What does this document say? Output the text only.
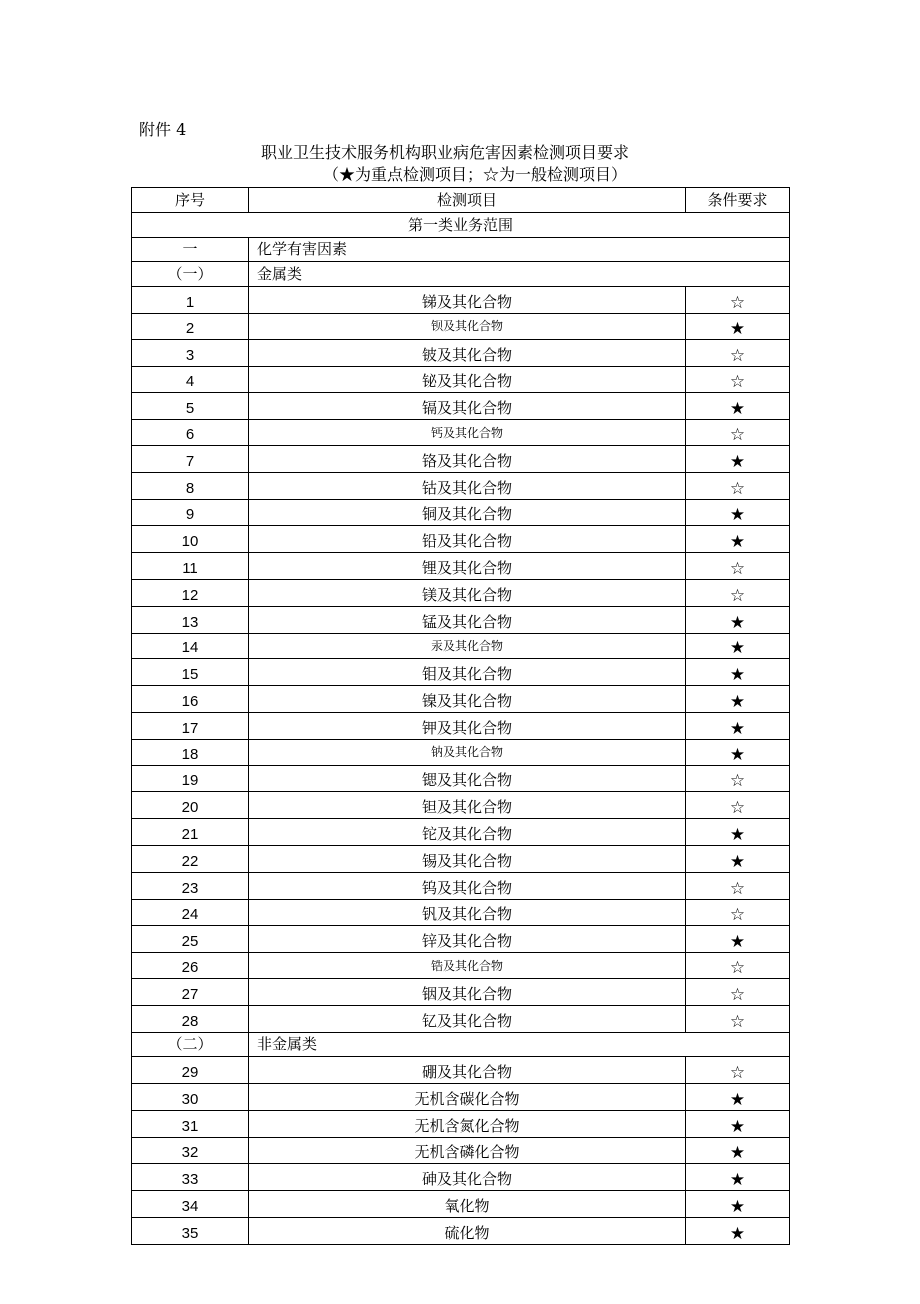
附件 4
职业卫生技术服务机构职业病危害因素检测项目要求
（★为重点检测项目；☆为一般检测项目）
序号	检测项目	条件要求
第一类业务范围		
一	化学有害因素	
（一）	金属类	
1	锑及其化合物	☆
2	钡及其化合物	★
3	铍及其化合物	☆
4	铋及其化合物	☆
5	镉及其化合物	★
6	钙及其化合物	☆
7	铬及其化合物	★
8	钴及其化合物	☆
9	铜及其化合物	★
10	铅及其化合物	★
11	锂及其化合物	☆
12	镁及其化合物	☆
13	锰及其化合物	★
14	汞及其化合物	★
15	钼及其化合物	★
16	镍及其化合物	★
17	钾及其化合物	★
18	钠及其化合物	★
19	锶及其化合物	☆
20	钽及其化合物	☆
21	铊及其化合物	★
22	锡及其化合物	★
23	钨及其化合物	☆
24	钒及其化合物	☆
25	锌及其化合物	★
26	锆及其化合物	☆
27	铟及其化合物	☆
28	钇及其化合物	☆
（二）	非金属类	
29	硼及其化合物	☆
30	无机含碳化合物	★
31	无机含氮化合物	★
32	无机含磷化合物	★
33	砷及其化合物	★
34	氧化物	★
35	硫化物	★
